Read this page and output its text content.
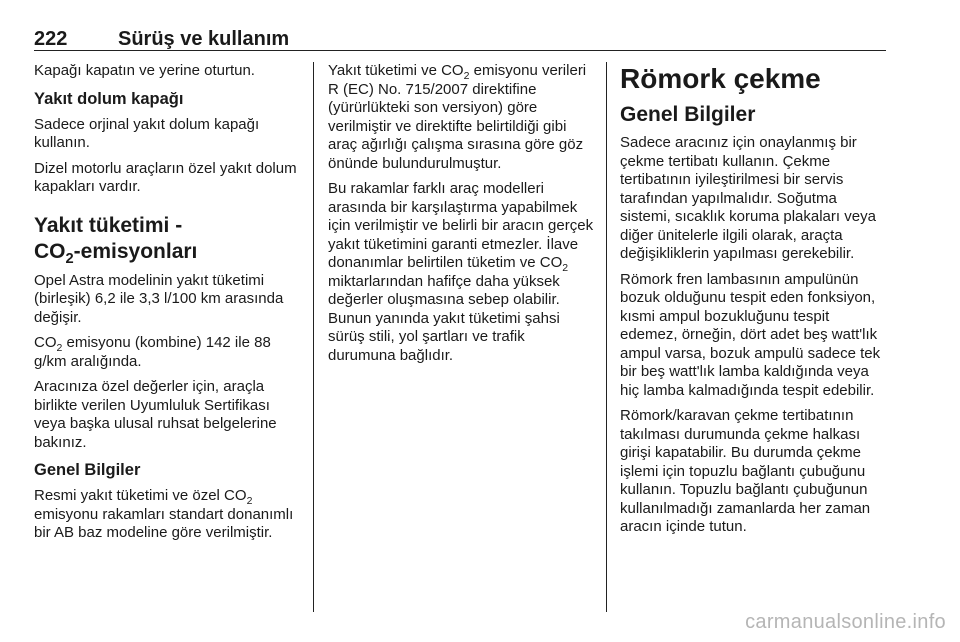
222	Sürüş ve kullanım

Kapağı kapatın ve yerine oturtun.

Yakıt dolum kapağı

Sadece orjinal yakıt dolum kapağı kullanın.

Dizel motorlu araçların özel yakıt dolum kapakları vardır.

Yakıt tüketimi -
$CO_2$-emisyonları

Opel Astra modelinin yakıt tüketimi (birleşik) 6,2 ile 3,3 l/100 km arasında değişir.

$CO_2$ emisyonu (kombine) 142 ile 88 g/km aralığında.

Aracınıza özel değerler için, araçla birlikte verilen Uyumluluk Sertifikası veya başka ulusal ruhsat belgelerine bakınız.

Genel Bilgiler

Resmi yakıt tüketimi ve özel $CO_2$ emisyonu rakamları standart donanımlı bir AB baz modeline göre verilmiştir.

Yakıt tüketimi ve $CO_2$ emisyonu verileri R (EC) No. 715/2007 direktifine (yürürlükteki son versiyon) göre verilmiştir ve direktifte belirtildiği gibi araç ağırlığı çalışma sırasına göre göz önünde bulundurulmuştur.

Bu rakamlar farklı araç modelleri arasında bir karşılaştırma yapabilmek için verilmiştir ve belirli bir aracın gerçek yakıt tüketimini garanti etmezler. İlave donanımlar belirtilen tüketim ve $CO_2$ miktarlarından hafifçe daha yüksek değerler oluşmasına sebep olabilir. Bunun yanında yakıt tüketimi şahsi sürüş stili, yol şartları ve trafik durumuna bağlıdır.

Römork çekme
Genel Bilgiler

Sadece aracınız için onaylanmış bir çekme tertibatı kullanın. Çekme tertibatının iyileştirilmesi bir servis tarafından yapılmalıdır. Soğutma sistemi, sıcaklık koruma plakaları veya diğer ünitelerle ilgili olarak, araçta değişikliklerin yapılması gerekebilir.

Römork fren lambasının ampulünün bozuk olduğunu tespit eden fonksiyon, kısmi ampul bozukluğunu tespit edemez, örneğin, dört adet beş watt'lık ampul varsa, bozuk ampulü sadece tek bir beş watt'lık lamba kaldığında veya hiç lamba kalmadığında tespit edebilir.

Römork/karavan çekme tertibatının takılması durumunda çekme halkası girişi kapatabilir. Bu durumda çekme işlemi için topuzlu bağlantı çubuğunu kullanın. Topuzlu bağlantı çubuğunun kullanılmadığı zamanlarda her zaman aracın içinde tutun.

carmanualsonline.info
